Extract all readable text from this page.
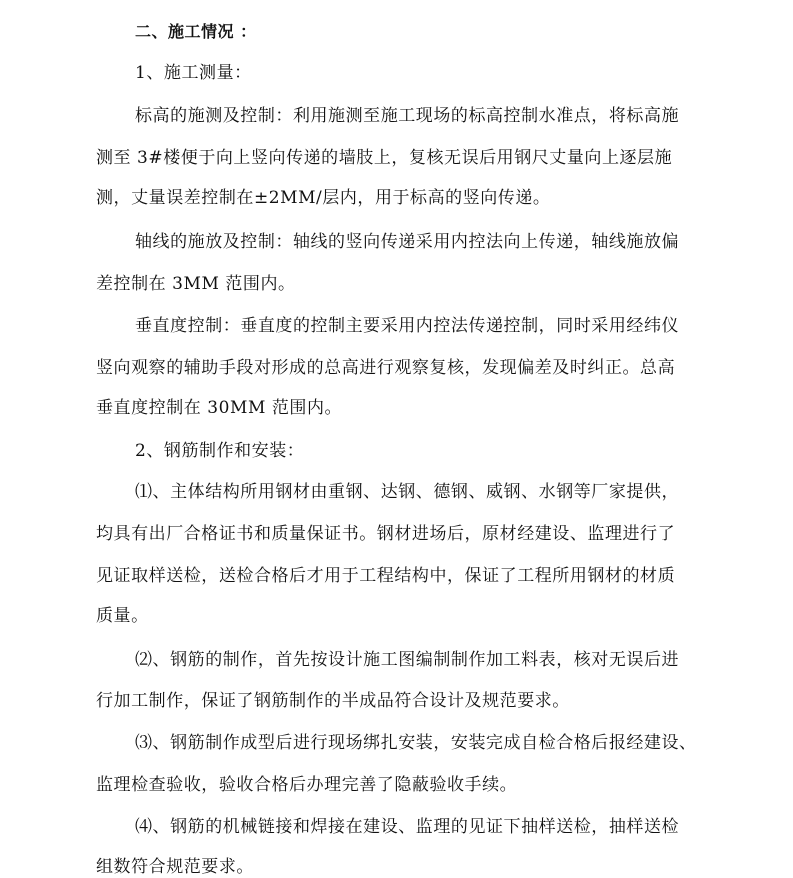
二、施工情况 ：
1、施工测量：
标高的施测及控制：利用施测至施工现场的标高控制水准点，将标高施
测至 3#楼便于向上竖向传递的墙肢上，复核无误后用钢尺丈量向上逐层施
测，丈量误差控制在±2MM/层内，用于标高的竖向传递。
轴线的施放及控制：轴线的竖向传递采用内控法向上传递，轴线施放偏
差控制在 3MM 范围内。
垂直度控制：垂直度的控制主要采用内控法传递控制，同时采用经纬仪
竖向观察的辅助手段对形成的总高进行观察复核，发现偏差及时纠正。总高
垂直度控制在 30MM 范围内。
2、钢筋制作和安装：
⑴、主体结构所用钢材由重钢、达钢、德钢、威钢、水钢等厂家提供，
均具有出厂合格证书和质量保证书。钢材进场后，原材经建设、监理进行了
见证取样送检，送检合格后才用于工程结构中，保证了工程所用钢材的材质
质量。
⑵、钢筋的制作，首先按设计施工图编制制作加工料表，核对无误后进
行加工制作，保证了钢筋制作的半成品符合设计及规范要求。
⑶、钢筋制作成型后进行现场绑扎安装，安装完成自检合格后报经建设、
监理检查验收，验收合格后办理完善了隐蔽验收手续。
⑷、钢筋的机械链接和焊接在建设、监理的见证下抽样送检，抽样送检
组数符合规范要求。
